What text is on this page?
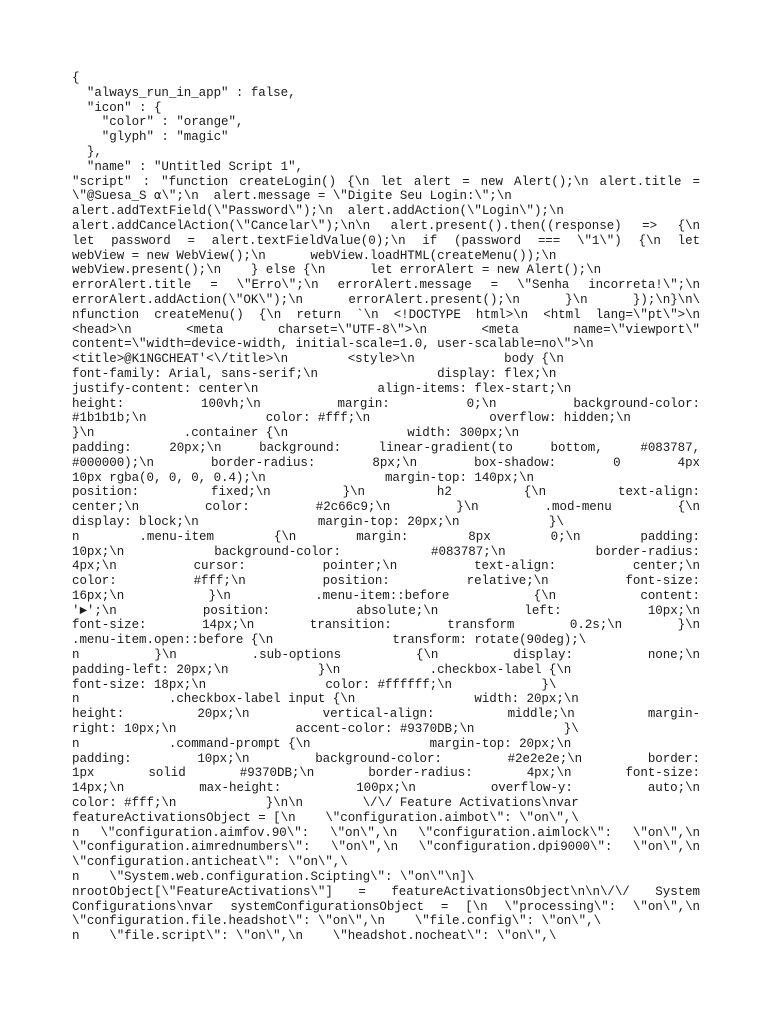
{
"always_run_in_app" : false,
"icon" : {
"color" : "orange",
"glyph" : "magic"
},
"name" : "Untitled Script 1",
"script" : "function createLogin() {\n let alert = new Alert();\n alert.title =
\"@Suesa_S ⍺\";\n  alert.message = \"Digite Seu Login:\";\n
alert.addTextField(\"Password\");\n  alert.addAction(\"Login\");\n
alert.addCancelAction(\"Cancelar\");\n\n alert.present().then((response) => {\n
let password = alert.textFieldValue(0);\n if (password === \"1\") {\n let
webView = new WebView();\n      webView.loadHTML(createMenu());\n
webView.present();\n    } else {\n      let errorAlert = new Alert();\n
errorAlert.title = \"Erro\";\n errorAlert.message = \"Senha incorreta!\";\n
errorAlert.addAction(\"OK\");\n errorAlert.present();\n }\n });\n}\n\
nfunction createMenu() {\n return `\n <!DOCTYPE html>\n <html lang=\"pt\">\n
<head>\n <meta charset=\"UTF-8\">\n <meta name=\"viewport\"
content=\"width=device-width, initial-scale=1.0, user-scalable=no\">\n
<title>@K1NGCHEAT'<\/title>\n        <style>\n            body {\n
font-family: Arial, sans-serif;\n                display: flex;\n
justify-content: center\n                align-items: flex-start;\n
height: 100vh;\n margin: 0;\n background-color:
#1b1b1b;\n                color: #fff;\n                overflow: hidden;\n
}\n            .container {\n                width: 300px;\n
padding: 20px;\n background: linear-gradient(to bottom, #083787,
#000000);\n border-radius: 8px;\n box-shadow: 0 4px
10px rgba(0, 0, 0, 0.4);\n                margin-top: 140px;\n
position: fixed;\n }\n h2 {\n text-align:
center;\n color: #2c66c9;\n }\n .mod-menu {\n
display: block;\n                margin-top: 20px;\n            }\
n .menu-item {\n margin: 8px 0;\n padding:
10px;\n background-color: #083787;\n border-radius:
4px;\n cursor: pointer;\n text-align: center;\n
color: #fff;\n position: relative;\n font-size:
16px;\n }\n .menu-item::before {\n content:
'►';\n position: absolute;\n left: 10px;\n
font-size: 14px;\n transition: transform 0.2s;\n }\n
.menu-item.open::before {\n                transform: rotate(90deg);\
n }\n .sub-options {\n display: none;\n
padding-left: 20px;\n            }\n            .checkbox-label {\n
font-size: 18px;\n                color: #ffffff;\n            }\
n            .checkbox-label input {\n                width: 20px;\n
height: 20px;\n vertical-align: middle;\n margin-
right: 10px;\n                accent-color: #9370DB;\n            }\
n            .command-prompt {\n                margin-top: 20px;\n
padding: 10px;\n background-color: #2e2e2e;\n border:
1px solid #9370DB;\n border-radius: 4px;\n font-size:
14px;\n max-height: 100px;\n overflow-y: auto;\n
color: #fff;\n            }\n\n        \/\/ Feature Activations\nvar
featureActivationsObject = [\n    \"configuration.aimbot\": \"on\",\
n \"configuration.aimfov.90\": \"on\",\n \"configuration.aimlock\": \"on\",\n
\"configuration.aimrednumbers\": \"on\",\n \"configuration.dpi9000\": \"on\",\n
\"configuration.anticheat\": \"on\",\
n    \"System.web.configuration.Scipting\": \"on\"\n]\
nrootObject[\"FeatureActivations\"] = featureActivationsObject\n\n\/\/ System
Configurations\nvar systemConfigurationsObject = [\n \"processing\": \"on\",\n
\"configuration.file.headshot\": \"on\",\n    \"file.config\": \"on\",\
n    \"file.script\": \"on\",\n    \"headshot.nocheat\": \"on\",\
